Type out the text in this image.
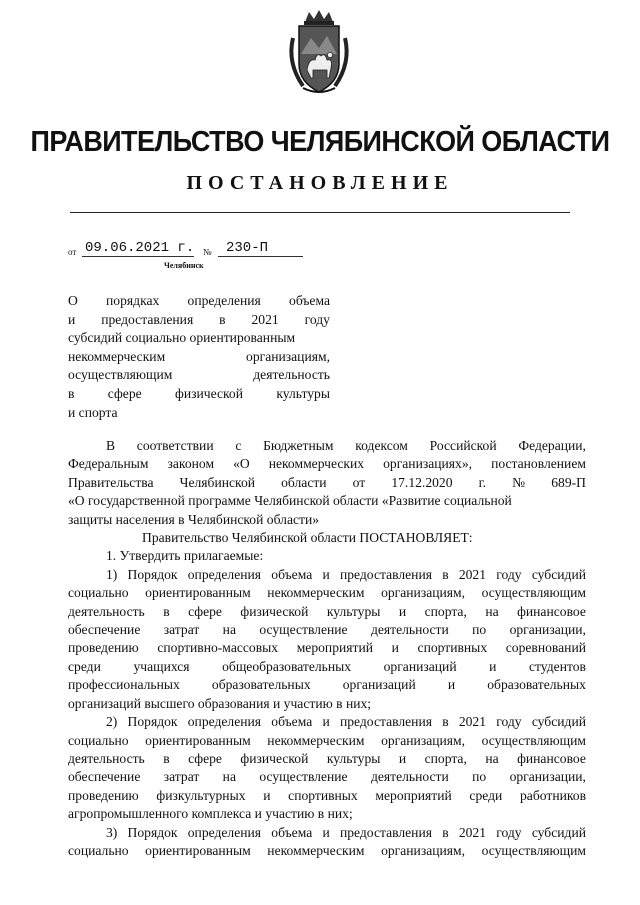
ПРАВИТЕЛЬСТВО ЧЕЛЯБИНСКОЙ ОБЛАСТИ
ПОСТАНОВЛЕНИЕ
от 09.06.2021 г. № 230-П
Челябинск
О порядках определения объема
и предоставления в 2021 году
субсидий социально ориентированным
некоммерческим	организациям,
осуществляющим	деятельность
в сфере физической культуры
и спорта
В соответствии с Бюджетным кодексом Российской Федерации,
Федеральным законом «О некоммерческих организациях», постановлением
Правительства Челябинской области от 17.12.2020 г. № 689-П
«О государственной программе Челябинской области «Развитие социальной
защиты населения в Челябинской области»
Правительство Челябинской области ПОСТАНОВЛЯЕТ:
1. Утвердить прилагаемые:
1) Порядок определения объема и предоставления в 2021 году субсидий
социально ориентированным некоммерческим организациям, осуществляющим
деятельность в сфере физической культуры и спорта, на финансовое
обеспечение затрат на осуществление деятельности по организации,
проведению спортивно-массовых мероприятий и спортивных соревнований
среди учащихся общеобразовательных организаций и студентов
профессиональных образовательных организаций и образовательных
организаций высшего образования и участию в них;
2) Порядок определения объема и предоставления в 2021 году субсидий
социально ориентированным некоммерческим организациям, осуществляющим
деятельность в сфере физической культуры и спорта, на финансовое
обеспечение затрат на осуществление деятельности по организации,
проведению физкультурных и спортивных мероприятий среди работников
агропромышленного комплекса и участию в них;
3) Порядок определения объема и предоставления в 2021 году субсидий
социально ориентированным некоммерческим организациям, осуществляющим
